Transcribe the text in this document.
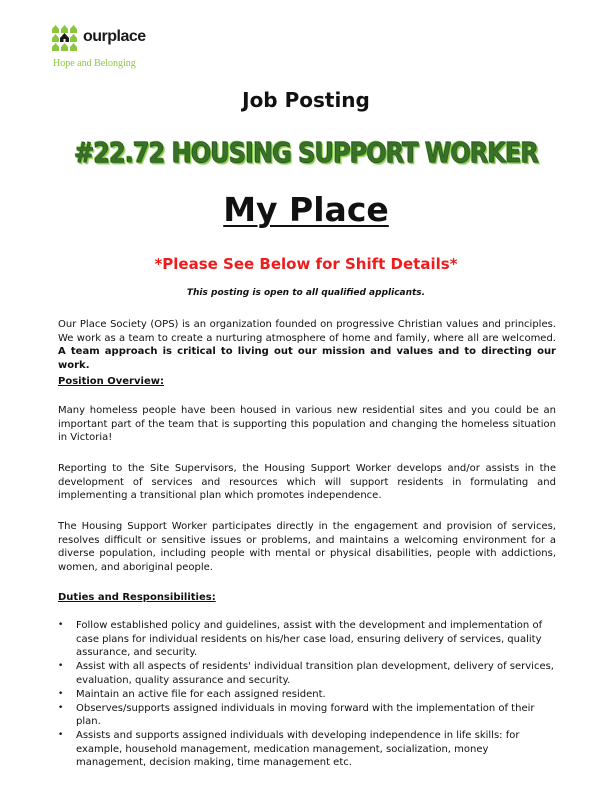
ourplace
Hope and Belonging
Job Posting
#22.72 HOUSING SUPPORT WORKER
My Place
*Please See Below for Shift Details*
This posting is open to all qualified applicants.

Our Place Society (OPS) is an organization founded on progressive Christian values and principles. We work as a team to create a nurturing atmosphere of home and family, where all are welcomed. A team approach is critical to living out our mission and values and to directing our work.

Position Overview:

Many homeless people have been housed in various new residential sites and you could be an important part of the team that is supporting this population and changing the homeless situation in Victoria!

Reporting to the Site Supervisors, the Housing Support Worker develops and/or assists in the development of services and resources which will support residents in formulating and implementing a transitional plan which promotes independence.

The Housing Support Worker participates directly in the engagement and provision of services, resolves difficult or sensitive issues or problems, and maintains a welcoming environment for a diverse population, including people with mental or physical disabilities, people with addictions, women, and aboriginal people.

Duties and Responsibilities:
• Follow established policy and guidelines, assist with the development and implementation of case plans for individual residents on his/her case load, ensuring delivery of services, quality assurance, and security.
• Assist with all aspects of residents' individual transition plan development, delivery of services, evaluation, quality assurance and security.
• Maintain an active file for each assigned resident.
• Observes/supports assigned individuals in moving forward with the implementation of their plan.
• Assists and supports assigned individuals with developing independence in life skills: for example, household management, medication management, socialization, money management, decision making, time management etc.
